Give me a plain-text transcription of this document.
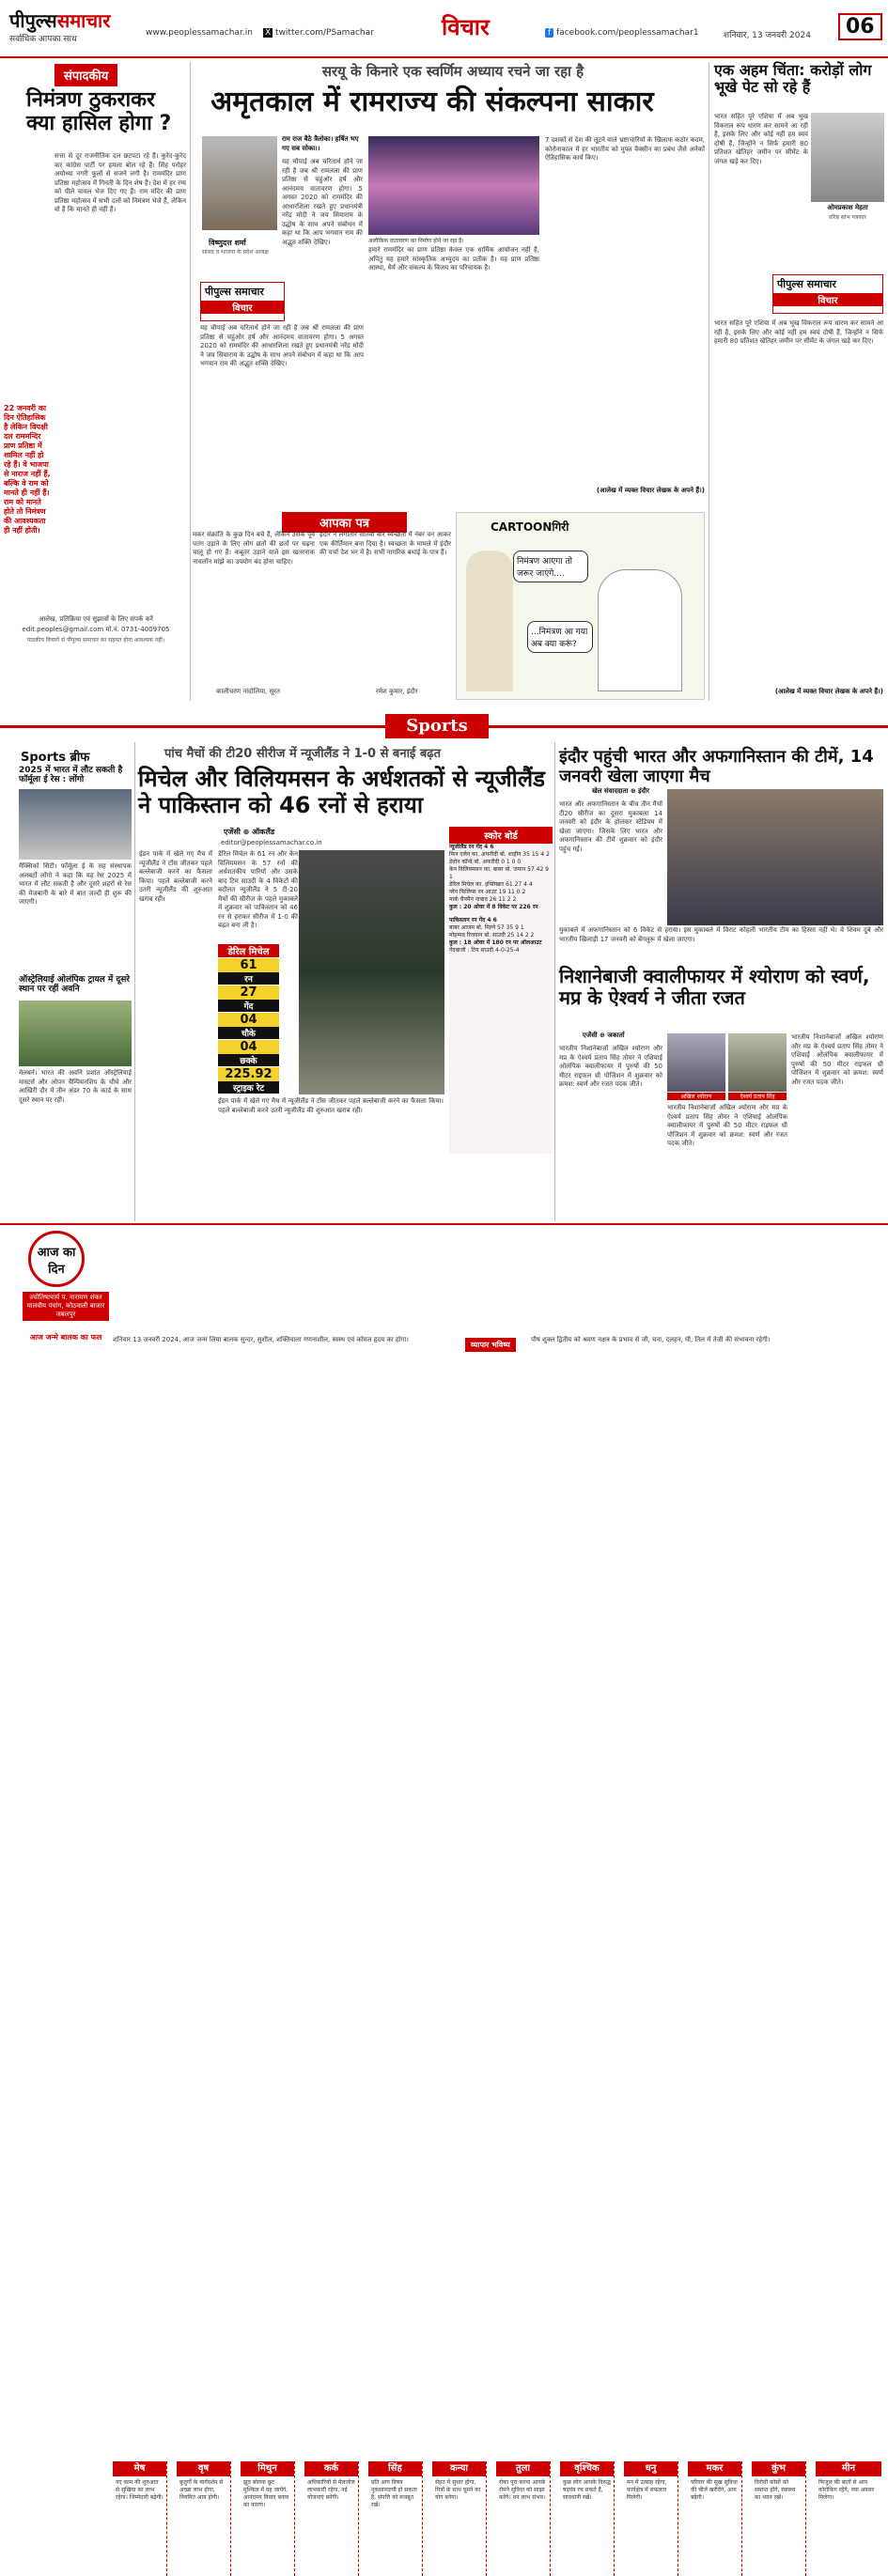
पीपुल्ससमाचार
सर्वाधिक आपका साथ
www.peoplessamachar.in X twitter.com/PSamachar	विचार	f facebook.com/peoplessamachar1	शनिवार, 13 जनवरी 2024	06
संपादकीय
निमंत्रण ठुकराकर क्या हासिल होगा ?
सत्ता से दूर राजनीतिक दल छटपटा रहे हैं। कुरेद-कुरेद कर कांग्रेस पार्टी पर हमला बोल रहे हैं। सिंह परोहर अयोध्या नगरी फूलों से सजने लगी है। राममंदिर प्राण प्रतिष्ठा महोत्सव में गिनती के दिन शेष हैं। देश में हर रंग्य को पीले चावल भेज दिए गए हैं। राम मंदिर की प्राण प्रतिष्ठा महोत्सव में सभी दलों को निमंत्रण भेजे हैं, लेकिन वो है कि मानते ही नहीं हैं।
22 जनवरी का दिन ऐतिहासिक है लेकिन विपक्षी दल राममन्दिर प्राण प्रतिष्ठा में शामिल नहीं हो रहे हैं। वे भाजपा से नाराज नहीं हैं, बल्कि वे राम को मानते ही नहीं हैं। राम को मानते होते तो निमंत्रण की आवश्यकता ही नहीं होती।
आलेख, प्रतिक्रिया एवं सुझावों के लिए संपर्क करें
edit.peoples@gmail.com मो.नं. 0731-4009705
पाठकीय विचारों से पीपुल्स समाचार का सहमत होना आवश्यक नहीं।
सरयू के किनारे एक स्वर्णिम अध्याय रचने जा रहा है
अमृतकाल में रामराज्य की संकल्पना साकार
विष्णुदत्त शर्मा
सांसद व भाजपा के प्रदेश अध्यक्ष
राम राज बैठे त्रैलोका। हर्षित भए गए सब सोका।।
यह चौपाई अब चरितार्थ होने जा रही है जब श्री रामलला की प्राण प्रतिष्ठा से चहुंओर हर्ष और आनंदमय वातावरण होगा। 5 अगस्त 2020 को राममंदिर की आधारशिला रखते हुए प्रधानमंत्री नरेंद्र मोदी ने जय सियाराम के उद्घोष के साथ अपने संबोधन में कहा था कि आप भगवान राम की अद्भुत शक्ति देखिए।	अलौकिक वातावरण का निर्माण होने जा रहा है।
हमारे राममंदिर का प्राण प्रतिष्ठा केवल एक धार्मिक आयोजन नहीं है, अपितु यह हमारे सांस्कृतिक अभ्युदय का प्रतीक है। यह प्राण प्रतिष्ठा आस्था, धैर्य और संकल्प के विजय का परिचायक है।
पीपुल्स समाचार
विचार
यह चौपाई अब चरितार्थ होने जा रही है जब श्री रामलला की प्राण प्रतिष्ठा से चहुंओर हर्ष और आनंदमय वातावरण होगा। 5 अगस्त 2020 को राममंदिर की आधारशिला रखते हुए प्रधानमंत्री नरेंद्र मोदी ने जय सियाराम के उद्घोष के साथ अपने संबोधन में कहा था कि आप भगवान राम की अद्भुत शक्ति देखिए।
7 दशकों से देश की लूटने वाले भ्रष्टाचारियों के खिलाफ कठोर कदम, कोरोनाकाल में हर भारतीय को मुफ्त वैक्सीन का प्रबंध जैसे अनेकों ऐतिहासिक कार्य किए।
(आलेख में व्यक्त विचार लेखक के अपने हैं।)
एक अहम चिंता: करोड़ों लोग भूखे पेट सो रहे हैं
भारत सहित पूरे एशिया में अब भूख विकराल रूप धारण कर सामने आ रही है, इसके लिए और कोई नहीं हम स्वयं दोषी हैं, जिन्होंने न सिर्फ हमारी 80 प्रतिशत खेतिहर जमीन पर सीमेंट के जंगल खड़े कर दिए।
ओमप्रकाश मेहता
वरिष्ठ स्तंभ पत्रकार
पीपुल्स समाचार
विचार
भारत सहित पूरे एशिया में अब भूख विकराल रूप धारण कर सामने आ रही है, इसके लिए और कोई नहीं हम स्वयं दोषी हैं, जिन्होंने न सिर्फ हमारी 80 प्रतिशत खेतिहर जमीन पर सीमेंट के जंगल खड़े कर दिए।
(आलेख में व्यक्त विचार लेखक के अपने हैं।)
आपका पत्र
मकर संक्रांति के कुछ दिन बचे हैं, लेकिन उसके पूर्व पतंग उड़ाने के लिए लोग छतों की छतों पर चढ़ना चालू हो गए हैं। कबूतर उड़ाने वाले इस खतरनाक नायलॉन मांझे का उपयोग बंद होना चाहिए।
कालीचरण नांदोलिया, सूरत
इंदौर ने लगातार सातवीं बार स्वच्छता में नंबर वन आकर एक कीर्तिमान बना दिया है। स्वच्छता के मामले में इंदौर की चर्चा देश भर में है। सभी नागरिक बधाई के पात्र हैं।
रमेश कुमार, इंदौर
CARTOONगिरी
निमंत्रण आएगा तो जरूर जाएंगे....
...निमंत्रण आ गया अब क्या करूं?
Sports
Sports ब्रीफ
2025 में भारत में लौट सकती है फॉर्मूला ई रेस : लोंगो
मैक्सिको सिटी। फॉर्मूला ई के सह संस्थापक अलबर्टो लोंगो ने कहा कि यह रेस 2025 में भारत में लौट सकती है और दूसरे शहरों से रेस की मेजबानी के बारे में बात जल्दी ही शुरू की जाएगी।
ऑस्ट्रेलियाई ओलंपिक ट्रायल में दूसरे स्थान पर रहीं अवनि
मेलबर्न। भारत की अवनि प्रशांत ऑस्ट्रेलियाई मास्टर्स और ओपन चैम्पियनशिप के चौथे और आखिरी दौर में तीन अंडर 70 के कार्ड के साथ दूसरे स्थान पर रहीं।
पांच मैचों की टी20 सीरीज में न्यूजीलैंड ने 1-0 से बनाई बढ़त
मिचेल और विलियमसन के अर्धशतकों से न्यूजीलैंड ने पाकिस्तान को 46 रनों से हराया
एजेंसी ⊕ ऑकलैंड
editor@peoplessamachar.co.in
ईडन पार्क में खेले गए मैच में न्यूजीलैंड ने टॉस जीतकर पहले बल्लेबाजी करने का फैसला किया। पहले बल्लेबाजी करने उतरी न्यूजीलैंड की शुरुआत खराब रही।
डेरिल मिचेल के 61 रन और केन विलियमसन के 57 रनों की अर्धशतकीय पारियों और उसके बाद टिम साउदी के 4 विकेटों की बदौलत न्यूजीलैंड ने 5 टी-20 मैचों की सीरीज के पहले मुकाबले में शुक्रवार को पाकिस्तान को 46 रन से हराकर सीरीज में 1-0 की बढ़त बना ली है।
डेरिल मिचेल
61
रन
27
गेंद
04
चौके
04
छक्के
225.92
स्ट्राइक रेट
ईडन पार्क में खेले गए मैच में न्यूजीलैंड ने टॉस जीतकर पहले बल्लेबाजी करने का फैसला किया। पहले बल्लेबाजी करने उतरी न्यूजीलैंड की शुरुआत खराब रही।
स्कोर बोर्ड
न्यूजीलैंड रन गेंद 4 6
फिन एलेन का. अफरीदी बो. शाहीन 35 15 4 2
डेवोन कॉन्वे बो. अफरीदी 0 1 0 0
केन विलियमसन का. बाबर बो. जमान 57 42 9 1
डेरिल मिचेल का. इफ्तिखार 61 27 4 4
ग्लेन फिलिप्स रन आउट 19 11 0 2
मार्क चैपमैन नाबाद 26 11 2 2
कुल : 20 ओवर में 8 विकेट पर 226 रन
पाकिस्तान रन गेंद 4 6
बाबर आजम बो. मिल्ने 57 35 9 1
मोहम्मद रिजवान बो. साउदी 25 14 2 2
कुल : 18 ओवर में 180 रन पर ऑलआउट
गेंदबाजी : टिम साउदी 4-0-25-4
इंदौर पहुंची भारत और अफगानिस्तान की टीमें, 14 जनवरी खेला जाएगा मैच
खेल संवाददाता ⊕ इंदौर
भारत और अफगानिस्तान के बीच तीन मैचों टी20 सीरीज का दूसरा मुकाबला 14 जनवरी को इंदौर के होलकर स्टेडियम में खेला जाएगा। जिसके लिए भारत और अफगानिस्तान की टीमें शुक्रवार को इंदौर पहुंच गईं।
मुकाबले में अफगानिस्तान को 6 विकेट से हराया। इस मुकाबले में विराट कोहली भारतीय टीम का हिस्सा नहीं थे। वे शिवम दुबे और भारतीय खिलाड़ी 17 जनवरी को बेंगलुरू में खेला जाएगा।
निशानेबाजी क्वालीफायर में श्योराण को स्वर्ण, मप्र के ऐश्वर्य ने जीता रजत
एजेंसी ⊕ जकार्ता
भारतीय निशानेबाजों अखिल श्योराण और मप्र के ऐश्वर्य प्रताप सिंह तोमर ने एशियाई ओलंपिक क्वालीफायर में पुरुषों की 50 मीटर राइफल थ्री पोजिशन में शुक्रवार को क्रमश: स्वर्ण और रजत पदक जीते।
अखिल श्योराण	ऐश्वर्य प्रताप सिंह
भारतीय निशानेबाजों अखिल श्योराण और मप्र के ऐश्वर्य प्रताप सिंह तोमर ने एशियाई ओलंपिक क्वालीफायर में पुरुषों की 50 मीटर राइफल थ्री पोजिशन में शुक्रवार को क्रमश: स्वर्ण और रजत पदक जीते।
भारतीय निशानेबाजों अखिल श्योराण और मप्र के ऐश्वर्य प्रताप सिंह तोमर ने एशियाई ओलंपिक क्वालीफायर में पुरुषों की 50 मीटर राइफल थ्री पोजिशन में शुक्रवार को क्रमश: स्वर्ण और रजत पदक जीते।
आज का दिन
ज्योतिषाचार्य प. नारायण शंकर मालवीय पंचांग, कोठवाली बाजार जबलपुर
आज जन्मे बालक का फल
मेष
नए काम की शुरुआत से सुखिया का लाभ रहेगा। जिम्मेदारी बढ़ेगी।
वृष
बुजुर्गों के मार्गदर्शन से अच्छा लाभ होगा, नियमित आय होगी।
मिथुन
झूठ बोलना छूट मुश्किल में यह जायेंगे, आनंदमय विवाद बनाव का कारण।
कर्क
अधिकारियों से मेलजोल लाभकारी रहेगा, नई योजनाएं बनेंगी।
सिंह
प्रति आप विषय नुकसानदायी हो सकता है, संपत्ति को मजबूत रखें।
कन्या
सेहत में सुधार होगा, मित्रों के साथ घूमने का योग बनेगा।
तुला
रोका पुरा करना आपके रोमने सुविधा को साझा करेंगे। धन लाभ संभव।
वृश्चिक
कुछ लोग आपके विरुद्ध षड़यंत्र रच सकते हैं, सावधानी रखें।
धनु
मन में उत्साह रहेगा, कार्यक्षेत्र में सफलता मिलेगी।
मकर
परिवार की सुख सुविधा की चीजें खरीदेंगे, आय बढ़ेगी।
कुंभ
विरोधी कोसों को समाप्त होंगे, स्वास्थ्य का ध्यान रखें।
मीन
फिजूल की बातों से आप कोरोकिंग रहेंगे, नया अवसर मिलेगा।
शनिवार 13 जनवरी 2024, आज जन्म लिया बालक सुन्दर, सुशील, शक्तिवाला गणनाशील, स्वस्थ एवं कोमल हृदय का होगा।
व्यापार भविष्य
पौष शुक्ल द्वितीय को श्रवण नक्षत्र के प्रभाव से जौ, चना, दलहन, घी, तिल में तेजी की संभावना रहेगी।
